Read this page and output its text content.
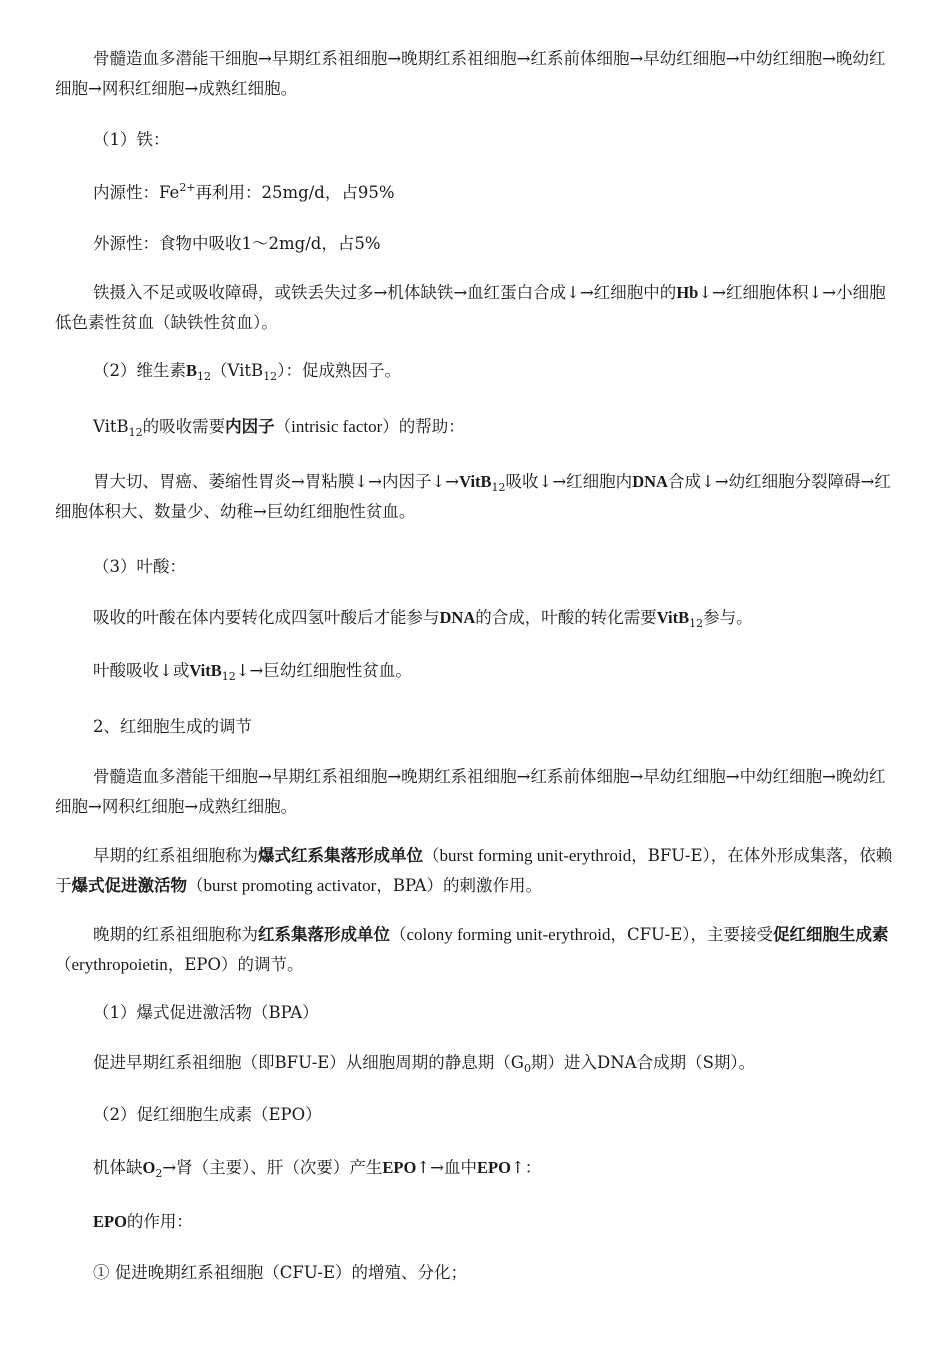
骨髓造血多潜能干细胞→早期红系祖细胞→晚期红系祖细胞→红系前体细胞→早幼红细胞→中幼红细胞→晚幼红细胞→网积红细胞→成熟红细胞。

（1）铁：

内源性：$Fe^{2+}$再利用：25mg/d，占95%

外源性：食物中吸收1～2mg/d，占5%

铁摄入不足或吸收障碍，或铁丢失过多→机体缺铁→血红蛋白合成↓→红细胞中的Hb↓→红细胞体积↓→小细胞低色素性贫血（缺铁性贫血）。

（2）维生素$B_{12}(VitB_{12})$：促成熟因子。

VitB$_{12}$的吸收需要内因子（intrisic factor）的帮助：

胃大切、胃癌、萎缩性胃炎→胃粘膜↓→内因子↓→VitB$_{12}$吸收↓→红细胞内DNA合成↓→幼红细胞分裂障碍→红细胞体积大、数量少、幼稚→巨幼红细胞性贫血。

（3）叶酸：

吸收的叶酸在体内要转化成四氢叶酸后才能参与DNA的合成，叶酸的转化需要VitB$_{12}$参与。

叶酸吸收↓或VitB$_{12}$↓→巨幼红细胞性贫血。

2、红细胞生成的调节

骨髓造血多潜能干细胞→早期红系祖细胞→晚期红系祖细胞→红系前体细胞→早幼红细胞→中幼红细胞→晚幼红细胞→网积红细胞→成熟红细胞。

早期的红系祖细胞称为爆式红系集落形成单位（burst forming unit-erythroid，BFU-E），在体外形成集落，依赖于爆式促进激活物（burst promoting activator，BPA）的刺激作用。

晚期的红系祖细胞称为红系集落形成单位（colony forming unit-erythroid，CFU-E），主要接受促红细胞生成素（erythropoietin，EPO）的调节。

（1）爆式促进激活物（BPA）

促进早期红系祖细胞（即BFU-E）从细胞周期的静息期（$G_0$期）进入DNA合成期（S期）。

（2）促红细胞生成素（EPO）

机体缺$O_2\to$肾（主要）、肝（次要）产生EPO↑→血中EPO↑：

EPO的作用：

① 促进晚期红系祖细胞（CFU-E）的增殖、分化；
